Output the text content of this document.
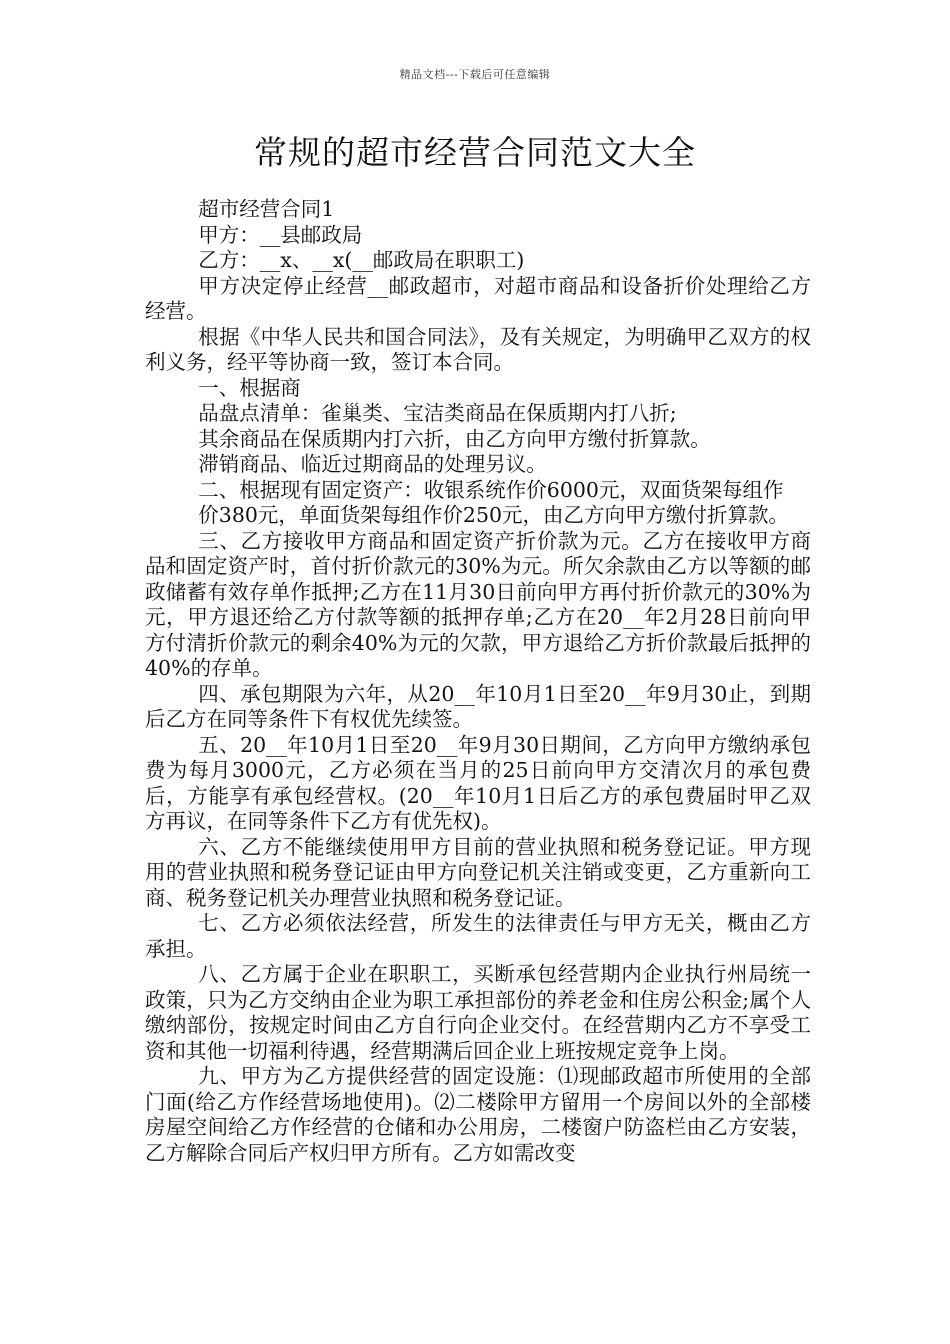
精品文档---下载后可任意编辑
常规的超市经营合同范文大全

超市经营合同1

甲方：__县邮政局

乙方：__x、__x(__邮政局在职职工)

甲方决定停止经营__邮政超市，对超市商品和设备折价处理给乙方经营。

根据《中华人民共和国合同法》，及有关规定，为明确甲乙双方的权利义务，经平等协商一致，签订本合同。

一、根据商

品盘点清单：雀巢类、宝洁类商品在保质期内打八折;

其余商品在保质期内打六折，由乙方向甲方缴付折算款。

滞销商品、临近过期商品的处理另议。

二、根据现有固定资产：收银系统作价6000元，双面货架每组作

价380元，单面货架每组作价250元，由乙方向甲方缴付折算款。

三、乙方接收甲方商品和固定资产折价款为元。乙方在接收甲方商品和固定资产时，首付折价款元的30%为元。所欠余款由乙方以等额的邮政储蓄有效存单作抵押;乙方在11月30日前向甲方再付折价款元的30%为元，甲方退还给乙方付款等额的抵押存单;乙方在20__年2月28日前向甲方付清折价款元的剩余40%为元的欠款，甲方退给乙方折价款最后抵押的40%的存单。

四、承包期限为六年，从20__年10月1日至20__年9月30止，到期后乙方在同等条件下有权优先续签。

五、20__年10月1日至20__年9月30日期间，乙方向甲方缴纳承包费为每月3000元，乙方必须在当月的25日前向甲方交清次月的承包费后，方能享有承包经营权。(20__年10月1日后乙方的承包费届时甲乙双方再议，在同等条件下乙方有优先权)。

六、乙方不能继续使用甲方目前的营业执照和税务登记证。甲方现用的营业执照和税务登记证由甲方向登记机关注销或变更，乙方重新向工商、税务登记机关办理营业执照和税务登记证。

七、乙方必须依法经营，所发生的法律责任与甲方无关，概由乙方承担。

八、乙方属于企业在职职工，买断承包经营期内企业执行州局统一政策，只为乙方交纳由企业为职工承担部份的养老金和住房公积金;属个人缴纳部份，按规定时间由乙方自行向企业交付。在经营期内乙方不享受工资和其他一切福利待遇，经营期满后回企业上班按规定竞争上岗。

九、甲方为乙方提供经营的固定设施：⑴现邮政超市所使用的全部门面(给乙方作经营场地使用)。⑵二楼除甲方留用一个房间以外的全部楼房屋空间给乙方作经营的仓储和办公用房，二楼窗户防盗栏由乙方安装，乙方解除合同后产权归甲方所有。乙方如需改变
